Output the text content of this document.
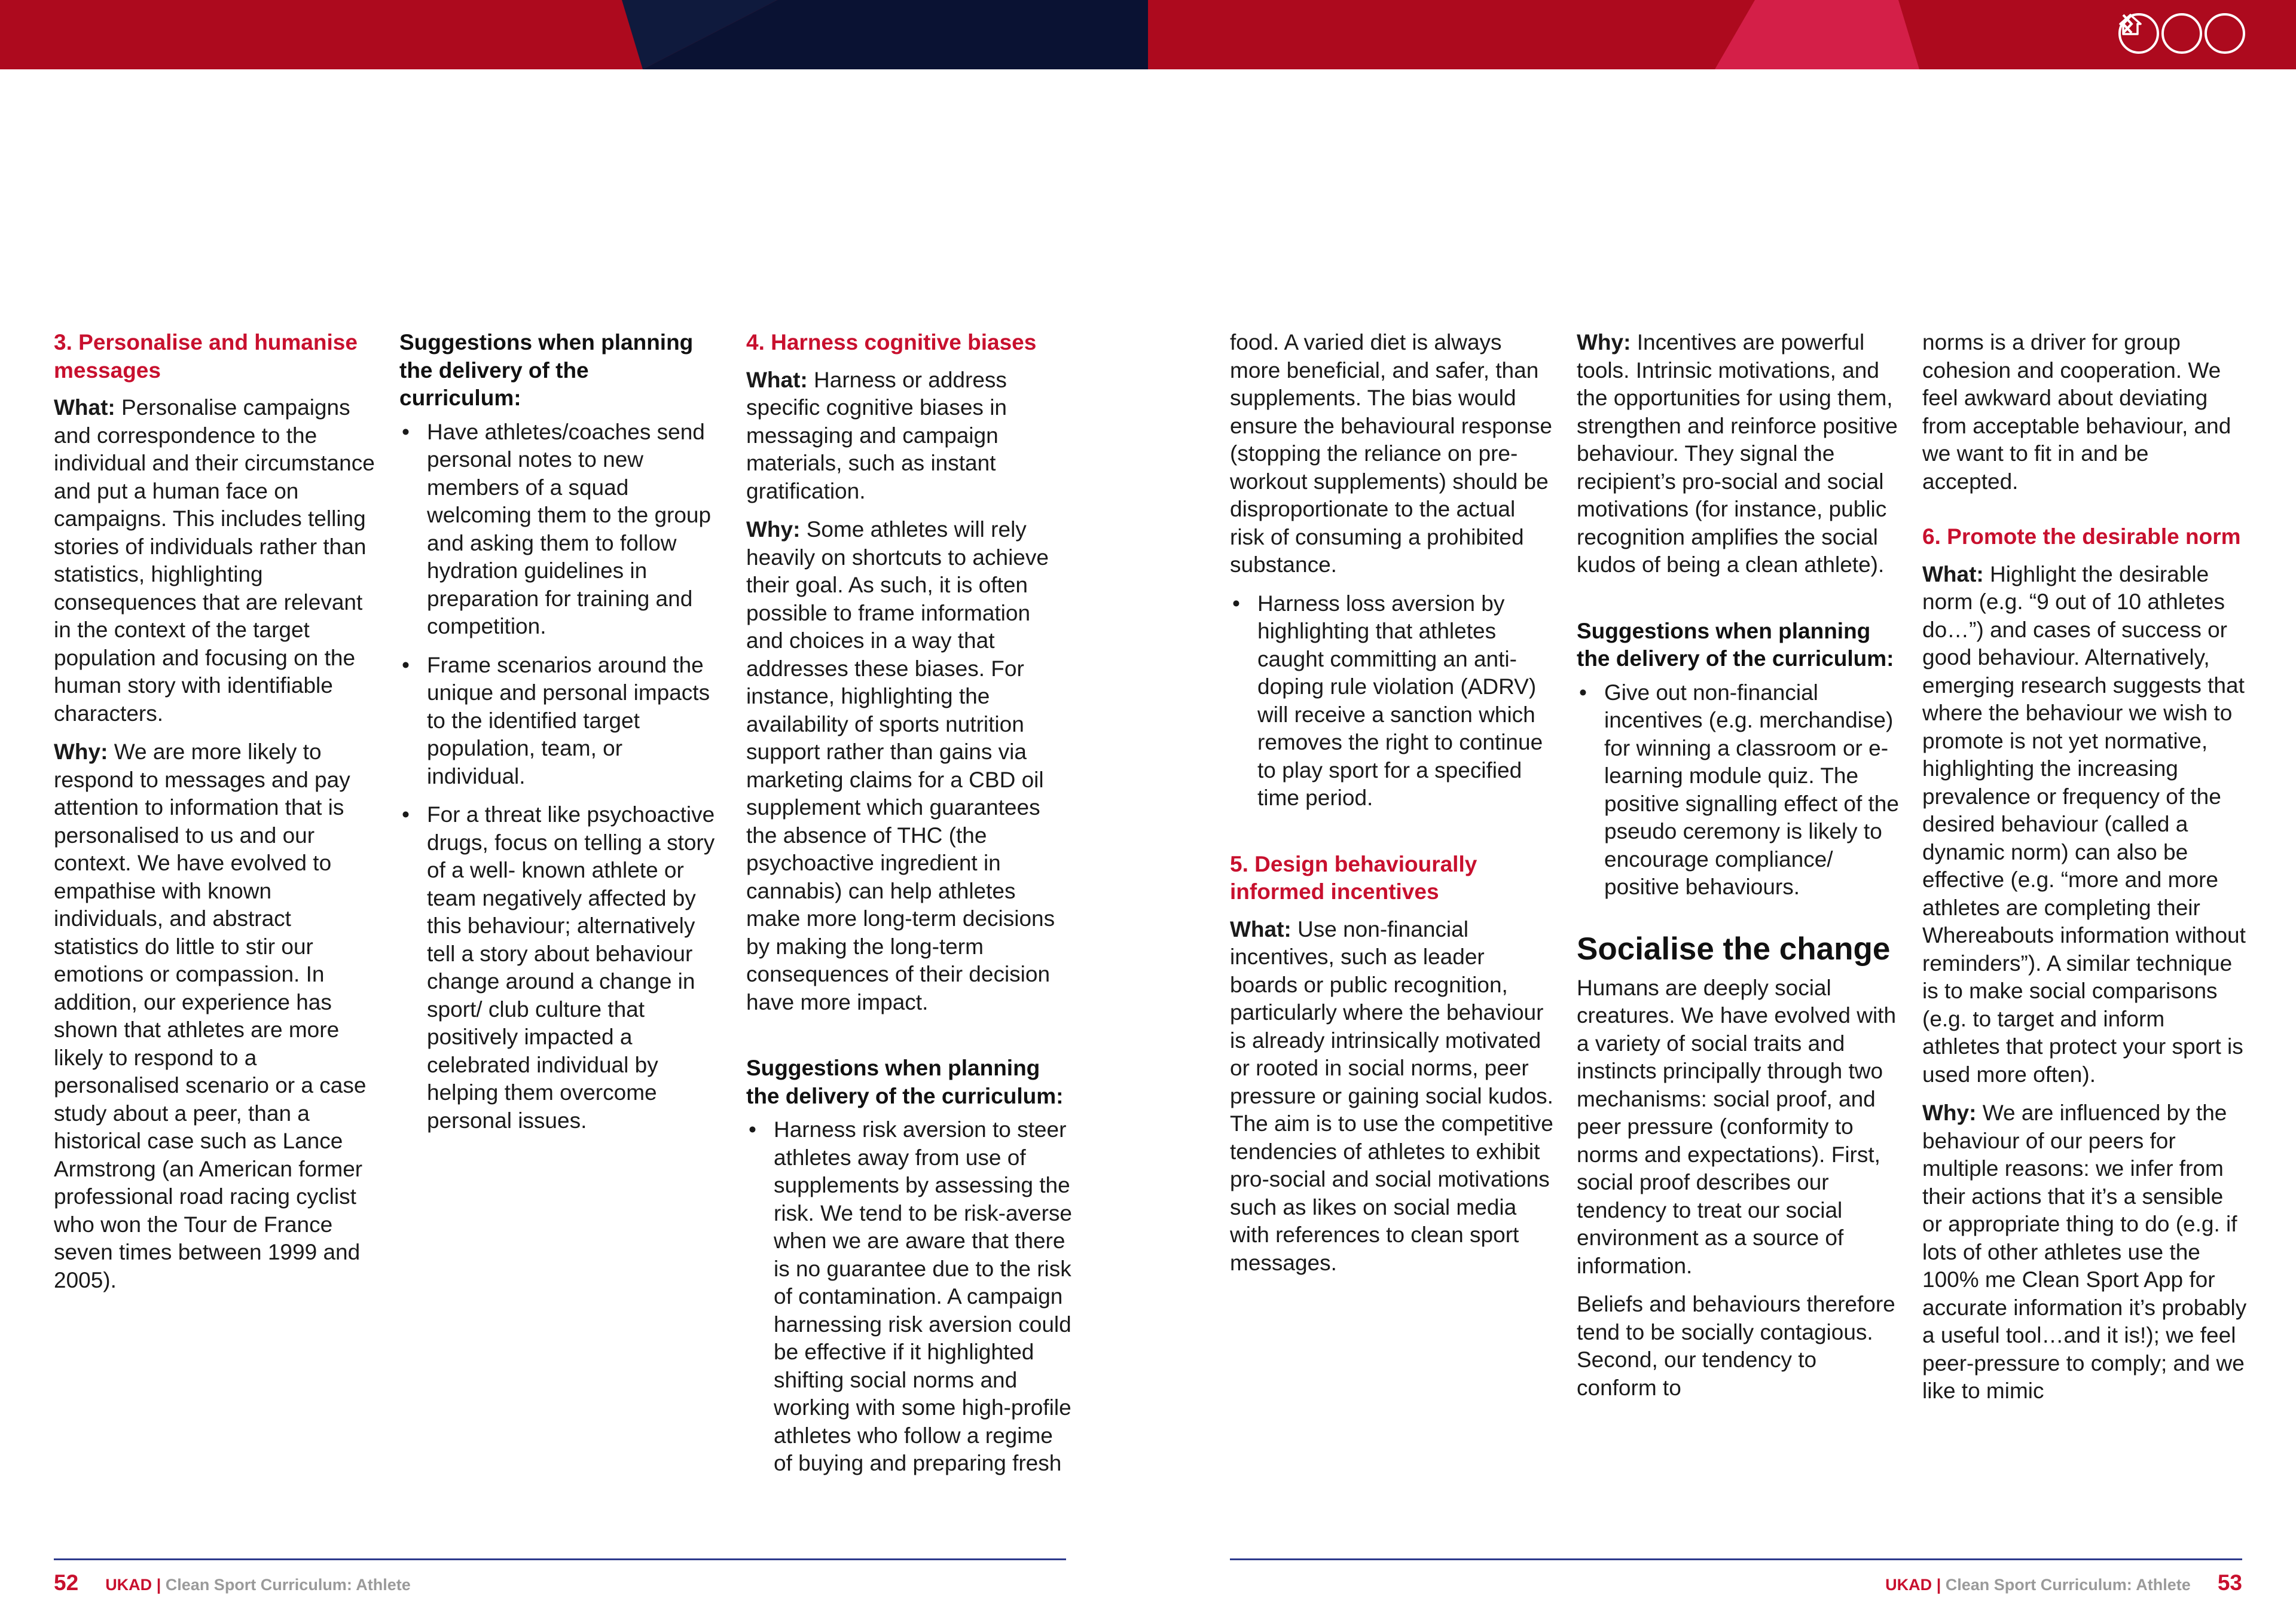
3. Personalise and humanise messages

What: Personalise campaigns and correspondence to the individual and their circumstance and put a human face on campaigns. This includes telling stories of individuals rather than statistics, highlighting consequences that are relevant in the context of the target population and focusing on the human story with identifiable characters.

Why: We are more likely to respond to messages and pay attention to information that is personalised to us and our context. We have evolved to empathise with known individuals, and abstract statistics do little to stir our emotions or compassion. In addition, our experience has shown that athletes are more likely to respond to a personalised scenario or a case study about a peer, than a historical case such as Lance Armstrong (an American former professional road racing cyclist who won the Tour de France seven times between 1999 and 2005).

Suggestions when planning the delivery of the curriculum:
• Have athletes/coaches send personal notes to new members of a squad welcoming them to the group and asking them to follow hydration guidelines in preparation for training and competition.
• Frame scenarios around the unique and personal impacts to the identified target population, team, or individual.
• For a threat like psychoactive drugs, focus on telling a story of a well- known athlete or team negatively affected by this behaviour; alternatively tell a story about behaviour change around a change in sport/ club culture that positively impacted a celebrated individual by helping them overcome personal issues.
4. Harness cognitive biases

What: Harness or address specific cognitive biases in messaging and campaign materials, such as instant gratification.

Why: Some athletes will rely heavily on shortcuts to achieve their goal. As such, it is often possible to frame information and choices in a way that addresses these biases. For instance, highlighting the availability of sports nutrition support rather than gains via marketing claims for a CBD oil supplement which guarantees the absence of THC (the psychoactive ingredient in cannabis) can help athletes make more long-term decisions by making the long-term consequences of their decision have more impact.

Suggestions when planning the delivery of the curriculum:
• Harness risk aversion to steer athletes away from use of supplements by assessing the risk. We tend to be risk-averse when we are aware that there is no guarantee due to the risk of contamination. A campaign harnessing risk aversion could be effective if it highlighted shifting social norms and working with some high-profile athletes who follow a regime of buying and preparing fresh

food. A varied diet is always more beneficial, and safer, than supplements. The bias would ensure the behavioural response (stopping the reliance on pre-workout supplements) should be disproportionate to the actual risk of consuming a prohibited substance.

• Harness loss aversion by highlighting that athletes caught committing an anti-doping rule violation (ADRV) will receive a sanction which removes the right to continue to play sport for a specified time period.
5. Design behaviourally informed incentives

What: Use non-financial incentives, such as leader boards or public recognition, particularly where the behaviour is already intrinsically motivated or rooted in social norms, peer pressure or gaining social kudos. The aim is to use the competitive tendencies of athletes to exhibit pro-social and social motivations such as likes on social media with references to clean sport messages.

Why: Incentives are powerful tools. Intrinsic motivations, and the opportunities for using them, strengthen and reinforce positive behaviour. They signal the recipient’s pro-social and social motivations (for instance, public recognition amplifies the social kudos of being a clean athlete).

Suggestions when planning the delivery of the curriculum:
• Give out non-financial incentives (e.g. merchandise) for winning a classroom or e-learning module quiz. The positive signalling effect of the pseudo ceremony is likely to encourage compliance/ positive behaviours.
Socialise the change

Humans are deeply social creatures. We have evolved with a variety of social traits and instincts principally through two mechanisms: social proof, and peer pressure (conformity to norms and expectations). First, social proof describes our tendency to treat our social environment as a source of information.

Beliefs and behaviours therefore tend to be socially contagious. Second, our tendency to conform to

norms is a driver for group cohesion and cooperation. We feel awkward about deviating from acceptable behaviour, and we want to fit in and be accepted.

6. Promote the desirable norm

What: Highlight the desirable norm (e.g. “9 out of 10 athletes do…”) and cases of success or good behaviour. Alternatively, emerging research suggests that where the behaviour we wish to promote is not yet normative, highlighting the increasing prevalence or frequency of the desired behaviour (called a dynamic norm) can also be effective (e.g. “more and more athletes are completing their Whereabouts information without reminders”). A similar technique is to make social comparisons (e.g. to target and inform athletes that protect your sport is used more often).

Why: We are influenced by the behaviour of our peers for multiple reasons: we infer from their actions that it’s a sensible or appropriate thing to do (e.g. if lots of other athletes use the 100% me Clean Sport App for accurate information it’s probably a useful tool…and it is!); we feel peer-pressure to comply; and we like to mimic

52 UKAD | Clean Sport Curriculum: Athlete	UKAD | Clean Sport Curriculum: Athlete 53
